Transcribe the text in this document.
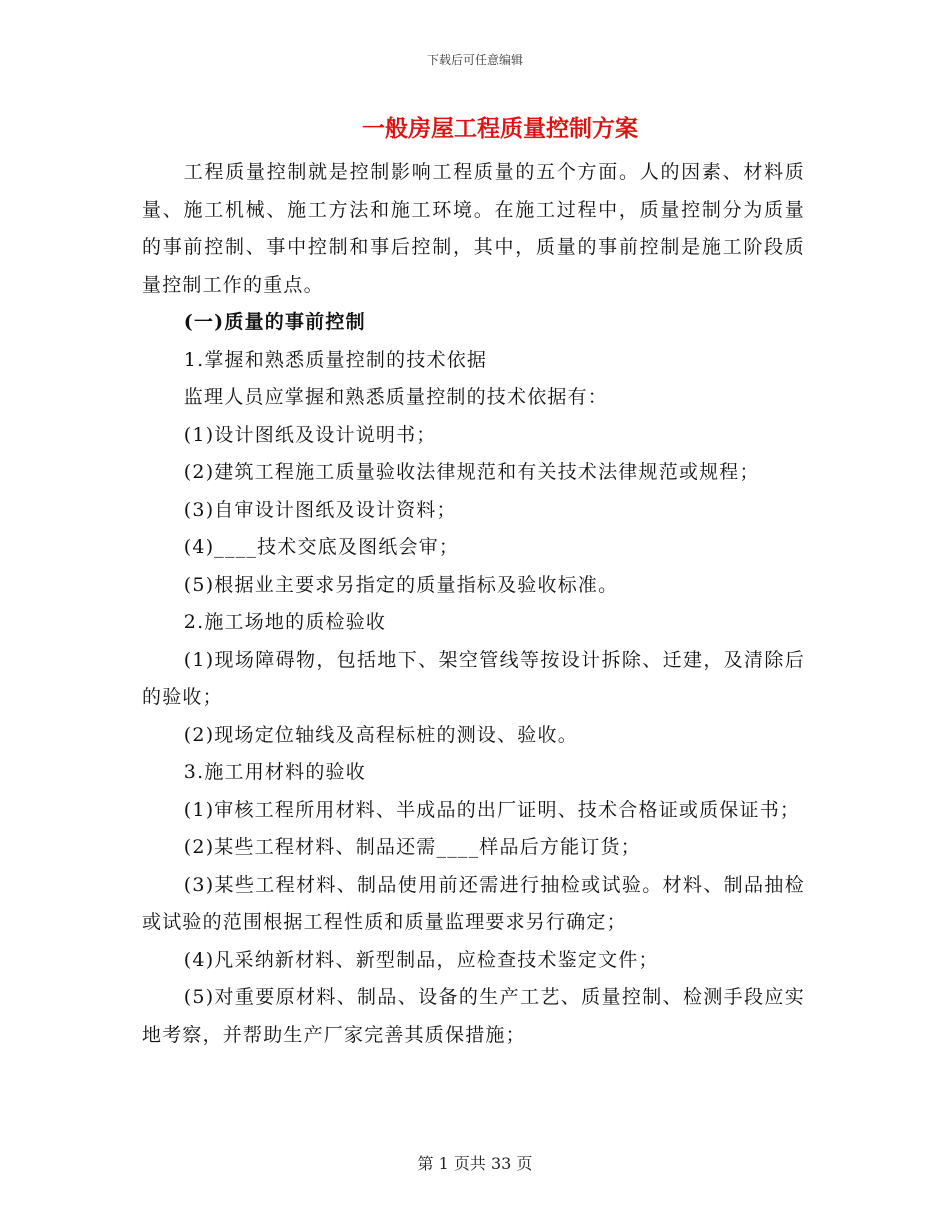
下载后可任意编辑
一般房屋工程质量控制方案

工程质量控制就是控制影响工程质量的五个方面。人的因素、材料质量、施工机械、施工方法和施工环境。在施工过程中，质量控制分为质量的事前控制、事中控制和事后控制，其中，质量的事前控制是施工阶段质量控制工作的重点。

(一)质量的事前控制

1.掌握和熟悉质量控制的技术依据

监理人员应掌握和熟悉质量控制的技术依据有：

(1)设计图纸及设计说明书；

(2)建筑工程施工质量验收法律规范和有关技术法律规范或规程；

(3)自审设计图纸及设计资料；

(4)____技术交底及图纸会审；

(5)根据业主要求另指定的质量指标及验收标准。

2.施工场地的质检验收

(1)现场障碍物，包括地下、架空管线等按设计拆除、迁建，及清除后的验收；

(2)现场定位轴线及高程标桩的测设、验收。

3.施工用材料的验收

(1)审核工程所用材料、半成品的出厂证明、技术合格证或质保证书；

(2)某些工程材料、制品还需____样品后方能订货；

(3)某些工程材料、制品使用前还需进行抽检或试验。材料、制品抽检或试验的范围根据工程性质和质量监理要求另行确定；

(4)凡采纳新材料、新型制品，应检查技术鉴定文件；

(5)对重要原材料、制品、设备的生产工艺、质量控制、检测手段应实地考察，并帮助生产厂家完善其质保措施；

第 1 页共 33 页
